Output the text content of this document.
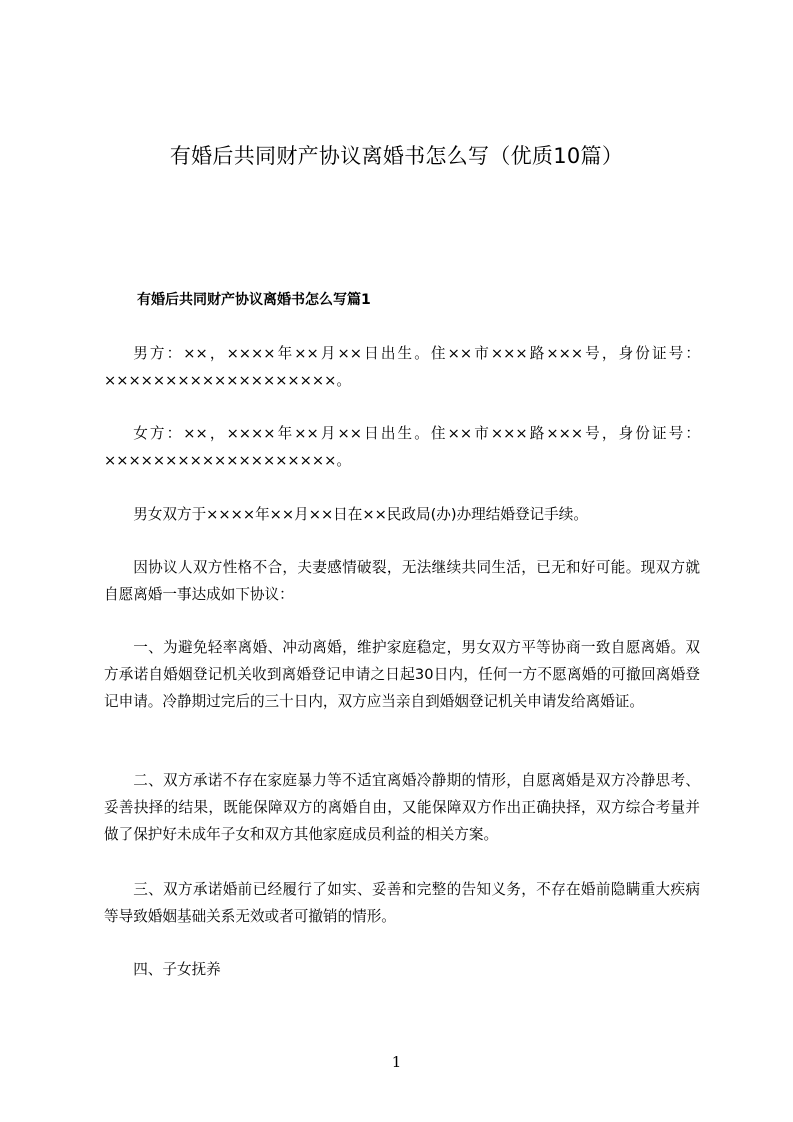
有婚后共同财产协议离婚书怎么写（优质10篇）
有婚后共同财产协议离婚书怎么写篇1

男方：××，××××年××月××日出生。住××市×××路×××号，身份证号：×××××××××××××××××××。

女方：××，××××年××月××日出生。住××市×××路×××号，身份证号：×××××××××××××××××××。

男女双方于××××年××月××日在××民政局(办)办理结婚登记手续。

因协议人双方性格不合，夫妻感情破裂，无法继续共同生活，已无和好可能。现双方就自愿离婚一事达成如下协议：

一、为避免轻率离婚、冲动离婚，维护家庭稳定，男女双方平等协商一致自愿离婚。双方承诺自婚姻登记机关收到离婚登记申请之日起30日内，任何一方不愿离婚的可撤回离婚登记申请。冷静期过完后的三十日内，双方应当亲自到婚姻登记机关申请发给离婚证。

二、双方承诺不存在家庭暴力等不适宜离婚冷静期的情形，自愿离婚是双方冷静思考、妥善抉择的结果，既能保障双方的离婚自由，又能保障双方作出正确抉择，双方综合考量并做了保护好未成年子女和双方其他家庭成员利益的相关方案。

三、双方承诺婚前已经履行了如实、妥善和完整的告知义务，不存在婚前隐瞒重大疾病等导致婚姻基础关系无效或者可撤销的情形。

四、子女抚养

1
